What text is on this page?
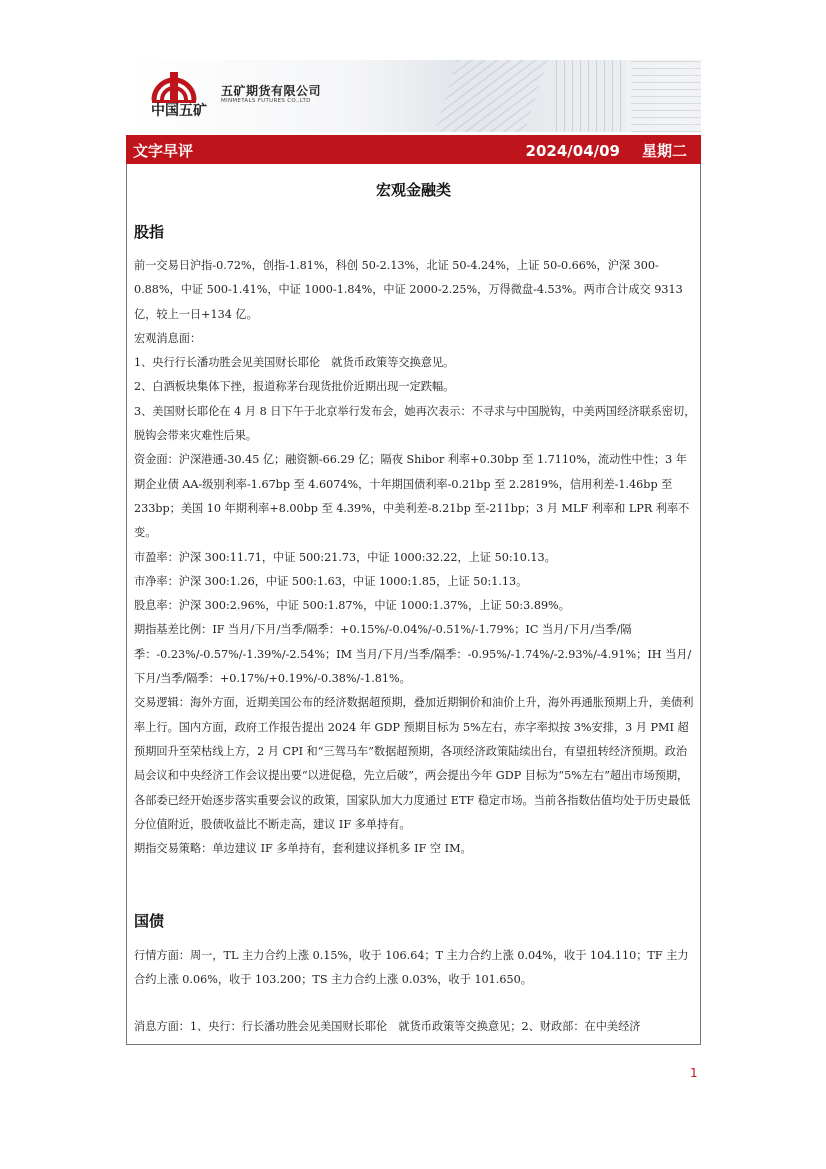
中国五矿
五矿期货有限公司
MINMETALS FUTURES CO.,LTD
文字早评	2024/04/09 星期二
宏观金融类
股指

前一交易日沪指-0.72%，创指-1.81%，科创 50-2.13%，北证 50-4.24%，上证 50-0.66%，沪深 300-0.88%，中证 500-1.41%，中证 1000-1.84%，中证 2000-2.25%，万得微盘-4.53%。两市合计成交 9313 亿，较上一日+134 亿。

宏观消息面：

1、央行行长潘功胜会见美国财长耶伦　就货币政策等交换意见。

2、白酒板块集体下挫，报道称茅台现货批价近期出现一定跌幅。

3、美国财长耶伦在 4 月 8 日下午于北京举行发布会，她再次表示：不寻求与中国脱钩，中美两国经济联系密切，脱钩会带来灾难性后果。

资金面：沪深港通-30.45 亿；融资额-66.29 亿；隔夜 Shibor 利率+0.30bp 至 1.7110%，流动性中性；3 年期企业债 AA-级别利率-1.67bp 至 4.6074%，十年期国债利率-0.21bp 至 2.2819%，信用利差-1.46bp 至 233bp；美国 10 年期利率+8.00bp 至 4.39%，中美利差-8.21bp 至-211bp；3 月 MLF 利率和 LPR 利率不变。

市盈率：沪深 300:11.71，中证 500:21.73，中证 1000:32.22，上证 50:10.13。

市净率：沪深 300:1.26，中证 500:1.63，中证 1000:1.85，上证 50:1.13。

股息率：沪深 300:2.96%，中证 500:1.87%，中证 1000:1.37%，上证 50:3.89%。

期指基差比例：IF 当月/下月/当季/隔季：+0.15%/-0.04%/-0.51%/-1.79%；IC 当月/下月/当季/隔季：-0.23%/-0.57%/-1.39%/-2.54%；IM 当月/下月/当季/隔季：-0.95%/-1.74%/-2.93%/-4.91%；IH 当月/下月/当季/隔季：+0.17%/+0.19%/-0.38%/-1.81%。

交易逻辑：海外方面，近期美国公布的经济数据超预期，叠加近期铜价和油价上升，海外再通胀预期上升，美债利率上行。国内方面，政府工作报告提出 2024 年 GDP 预期目标为 5%左右，赤字率拟按 3%安排，3 月 PMI 超预期回升至荣枯线上方，2 月 CPI 和“三驾马车”数据超预期，各项经济政策陆续出台，有望扭转经济预期。政治局会议和中央经济工作会议提出要“以进促稳，先立后破”，两会提出今年 GDP 目标为“5%左右”超出市场预期，各部委已经开始逐步落实重要会议的政策，国家队加大力度通过 ETF 稳定市场。当前各指数估值均处于历史最低分位值附近，股债收益比不断走高，建议 IF 多单持有。

期指交易策略：单边建议 IF 多单持有，套利建议择机多 IF 空 IM。

国债

行情方面：周一，TL 主力合约上涨 0.15%，收于 106.64；T 主力合约上涨 0.04%，收于 104.110；TF 主力合约上涨 0.06%，收于 103.200；TS 主力合约上涨 0.03%，收于 101.650。

消息方面：1、央行：行长潘功胜会见美国财长耶伦　就货币政策等交换意见；2、财政部：在中美经济

1
